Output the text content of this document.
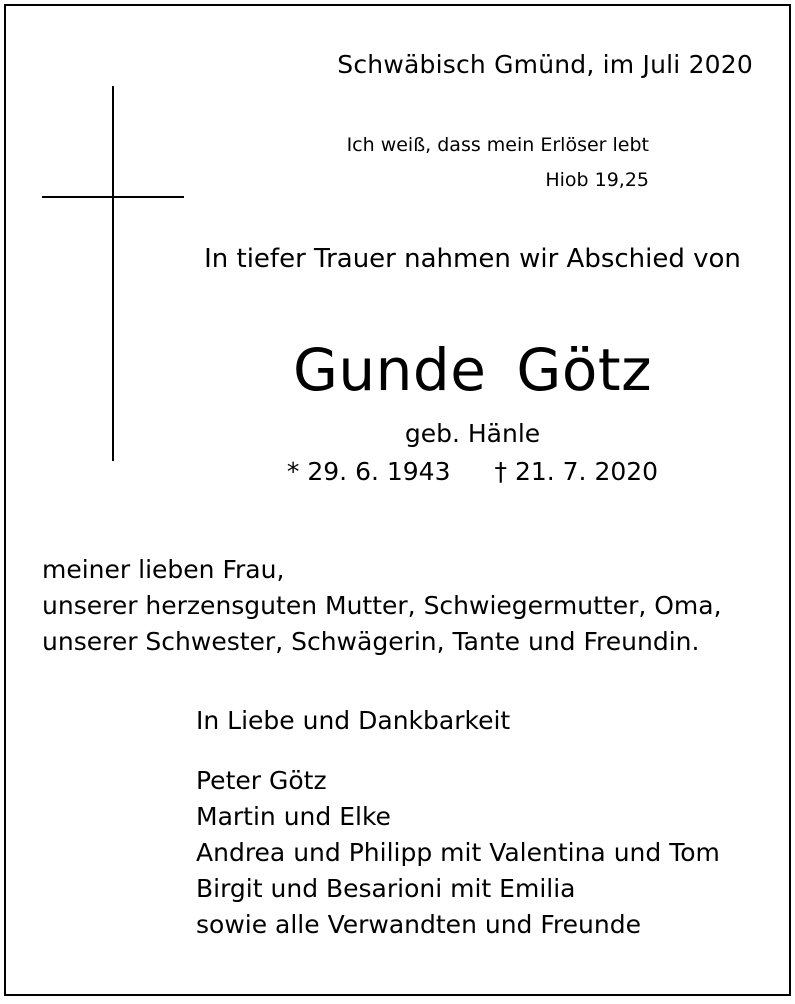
Schwäbisch Gmünd, im Juli 2020
Ich weiß, dass mein Erlöser lebt
Hiob 19,25
In tiefer Trauer nahmen wir Abschied von
Gunde Götz
geb. Hänle
* 29. 6. 1943 † 21. 7. 2020
meiner lieben Frau,
unserer herzensguten Mutter, Schwiegermutter, Oma,
unserer Schwester, Schwägerin, Tante und Freundin.
In Liebe und Dankbarkeit
Peter Götz
Martin und Elke
Andrea und Philipp mit Valentina und Tom
Birgit und Besarioni mit Emilia
sowie alle Verwandten und Freunde
